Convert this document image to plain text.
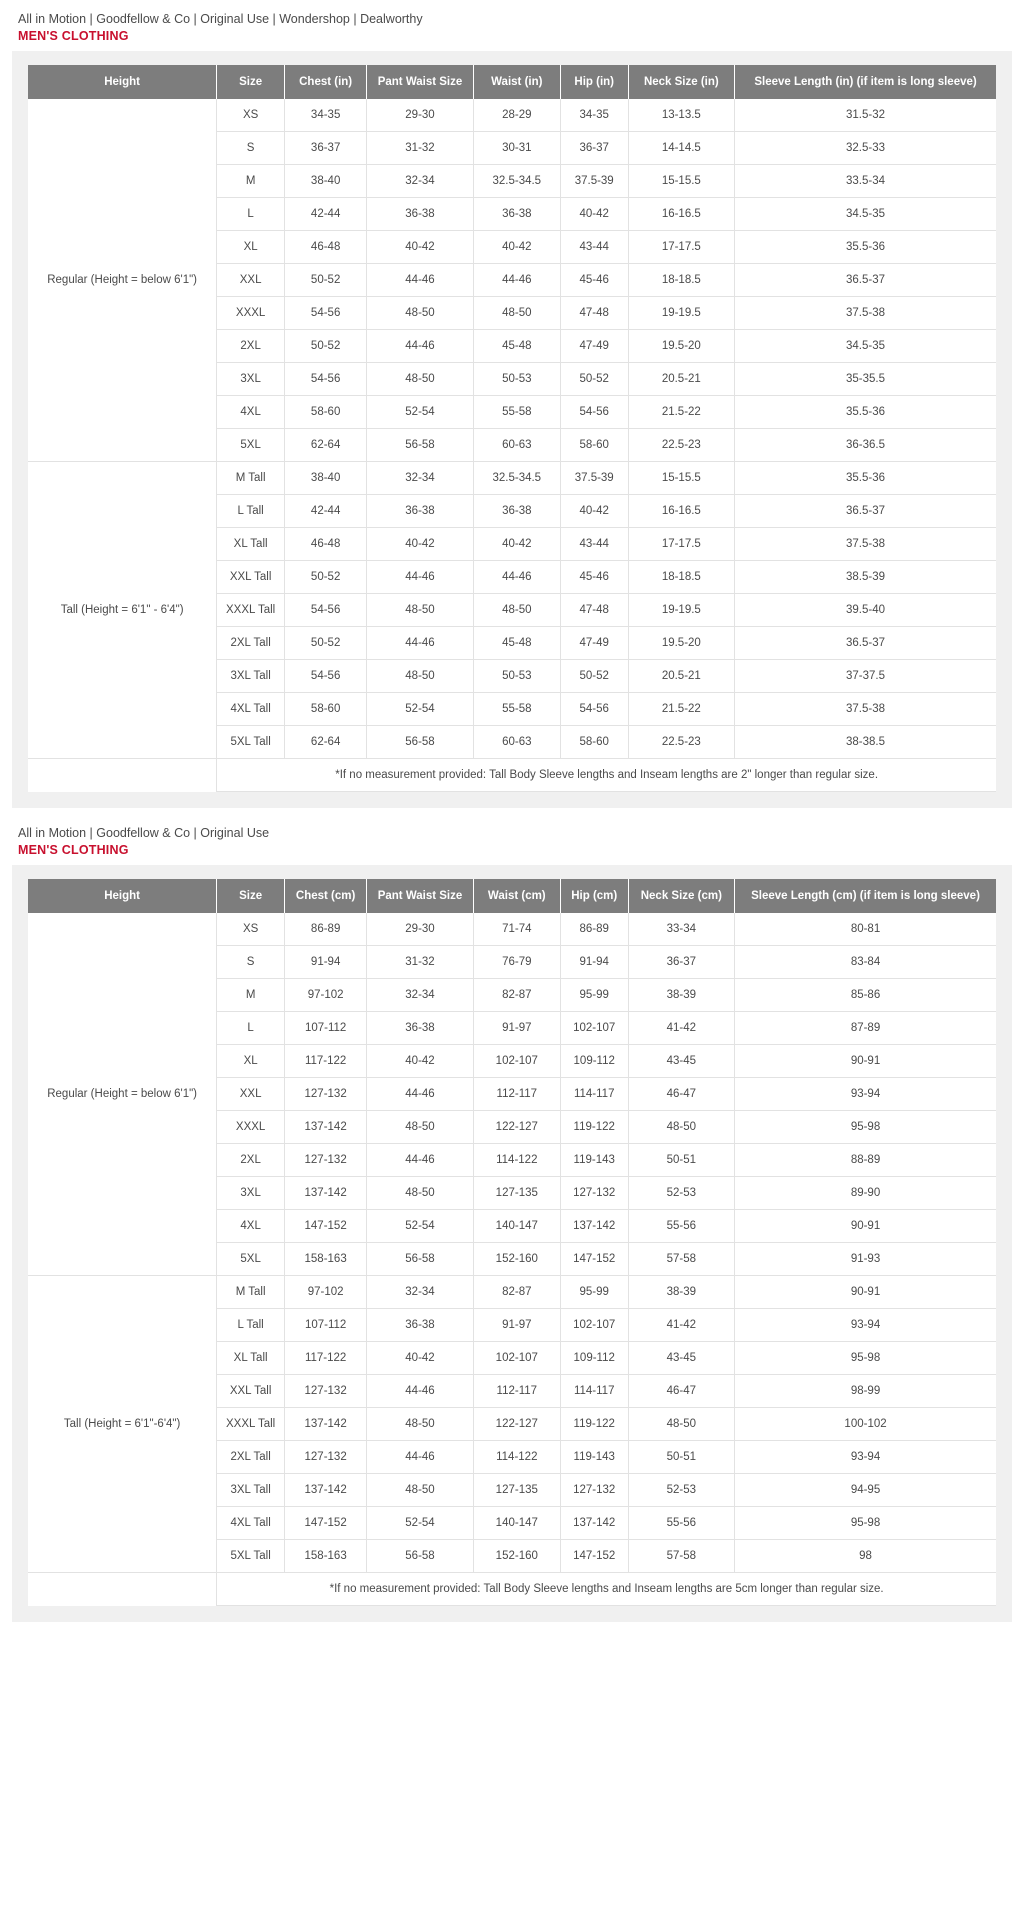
All in Motion | Goodfellow & Co | Original Use | Wondershop | Dealworthy
MEN'S CLOTHING
Height	Size	Chest (in)	Pant Waist Size	Waist (in)	Hip (in)	Neck Size (in)	Sleeve Length (in) (if item is long sleeve)
Regular (Height = below 6'1")	XS	34-35	29-30	28-29	34-35	13-13.5	31.5-32
	S	36-37	31-32	30-31	36-37	14-14.5	32.5-33
	M	38-40	32-34	32.5-34.5	37.5-39	15-15.5	33.5-34
	L	42-44	36-38	36-38	40-42	16-16.5	34.5-35
	XL	46-48	40-42	40-42	43-44	17-17.5	35.5-36
	XXL	50-52	44-46	44-46	45-46	18-18.5	36.5-37
	XXXL	54-56	48-50	48-50	47-48	19-19.5	37.5-38
	2XL	50-52	44-46	45-48	47-49	19.5-20	34.5-35
	3XL	54-56	48-50	50-53	50-52	20.5-21	35-35.5
	4XL	58-60	52-54	55-58	54-56	21.5-22	35.5-36
	5XL	62-64	56-58	60-63	58-60	22.5-23	36-36.5
Tall (Height = 6'1" - 6'4")	M Tall	38-40	32-34	32.5-34.5	37.5-39	15-15.5	35.5-36
	L Tall	42-44	36-38	36-38	40-42	16-16.5	36.5-37
	XL Tall	46-48	40-42	40-42	43-44	17-17.5	37.5-38
	XXL Tall	50-52	44-46	44-46	45-46	18-18.5	38.5-39
	XXXL Tall	54-56	48-50	48-50	47-48	19-19.5	39.5-40
	2XL Tall	50-52	44-46	45-48	47-49	19.5-20	36.5-37
	3XL Tall	54-56	48-50	50-53	50-52	20.5-21	37-37.5
	4XL Tall	58-60	52-54	55-58	54-56	21.5-22	37.5-38
	5XL Tall	62-64	56-58	60-63	58-60	22.5-23	38-38.5
	*If no measurement provided: Tall Body Sleeve lengths and Inseam lengths are 2" longer than regular size.						
All in Motion | Goodfellow & Co | Original Use
MEN'S CLOTHING
Height	Size	Chest (cm)	Pant Waist Size	Waist (cm)	Hip (cm)	Neck Size (cm)	Sleeve Length (cm) (if item is long sleeve)
Regular (Height = below 6'1")	XS	86-89	29-30	71-74	86-89	33-34	80-81
	S	91-94	31-32	76-79	91-94	36-37	83-84
	M	97-102	32-34	82-87	95-99	38-39	85-86
	L	107-112	36-38	91-97	102-107	41-42	87-89
	XL	117-122	40-42	102-107	109-112	43-45	90-91
	XXL	127-132	44-46	112-117	114-117	46-47	93-94
	XXXL	137-142	48-50	122-127	119-122	48-50	95-98
	2XL	127-132	44-46	114-122	119-143	50-51	88-89
	3XL	137-142	48-50	127-135	127-132	52-53	89-90
	4XL	147-152	52-54	140-147	137-142	55-56	90-91
	5XL	158-163	56-58	152-160	147-152	57-58	91-93
Tall (Height = 6'1"-6'4")	M Tall	97-102	32-34	82-87	95-99	38-39	90-91
	L Tall	107-112	36-38	91-97	102-107	41-42	93-94
	XL Tall	117-122	40-42	102-107	109-112	43-45	95-98
	XXL Tall	127-132	44-46	112-117	114-117	46-47	98-99
	XXXL Tall	137-142	48-50	122-127	119-122	48-50	100-102
	2XL Tall	127-132	44-46	114-122	119-143	50-51	93-94
	3XL Tall	137-142	48-50	127-135	127-132	52-53	94-95
	4XL Tall	147-152	52-54	140-147	137-142	55-56	95-98
	5XL Tall	158-163	56-58	152-160	147-152	57-58	98
	*If no measurement provided: Tall Body Sleeve lengths and Inseam lengths are 5cm longer than regular size.						
